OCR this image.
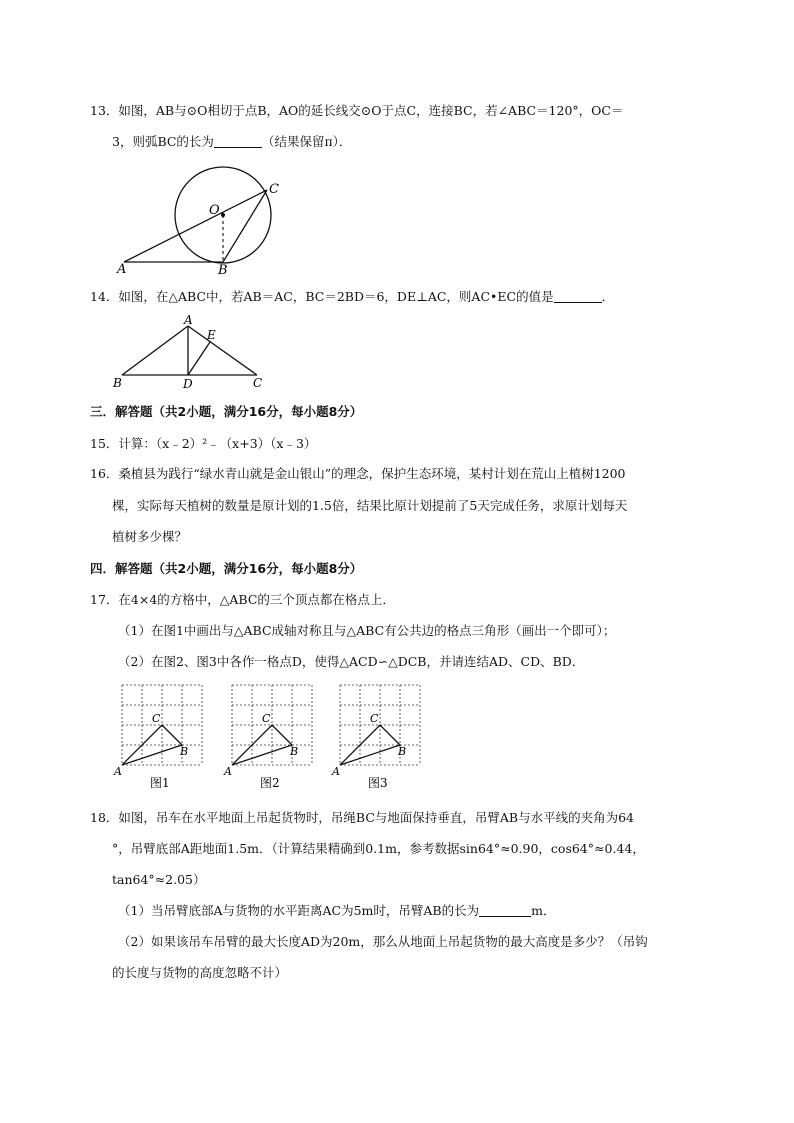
13．如图，AB与⊙O相切于点B，AO的延长线交⊙O于点C，连接BC，若∠ABC＝120°，OC＝
3，则弧BC的长为	（结果保留π）．
O
C
A	B
14．如图，在△ABC中，若AB＝AC，BC＝2BD＝6，DE⊥AC，则AC•EC的值是	．
A
E
B	D	C
三．解答题（共2小题，满分16分，每小题8分）
15．计算：（x﹣2）²﹣（x+3）（x﹣3）
16．桑植县为践行“绿水青山就是金山银山”的理念，保护生态环境，某村计划在荒山上植树1200
棵，实际每天植树的数量是原计划的1.5倍，结果比原计划提前了5天完成任务，求原计划每天
植树多少棵？
四．解答题（共2小题，满分16分，每小题8分）
17．在4×4的方格中，△ABC的三个顶点都在格点上．
（1）在图1中画出与△ABC成轴对称且与△ABC有公共边的格点三角形（画出一个即可）；
（2）在图2、图3中各作一格点D，使得△ACD∽△DCB，并请连结AD、CD、BD．
A
B
C
图1
A
B
C
图2
A
B
C
图3
18．如图，吊车在水平地面上吊起货物时，吊绳BC与地面保持垂直，吊臂AB与水平线的夹角为64
°，吊臂底部A距地面1.5m．（计算结果精确到0.1m，参考数据sin64°≈0.90，cos64°≈0.44，
tan64°≈2.05）
（1）当吊臂底部A与货物的水平距离AC为5m时，吊臂AB的长为	m．
（2）如果该吊车吊臂的最大长度AD为20m，那么从地面上吊起货物的最大高度是多少？（吊钩
的长度与货物的高度忽略不计）
